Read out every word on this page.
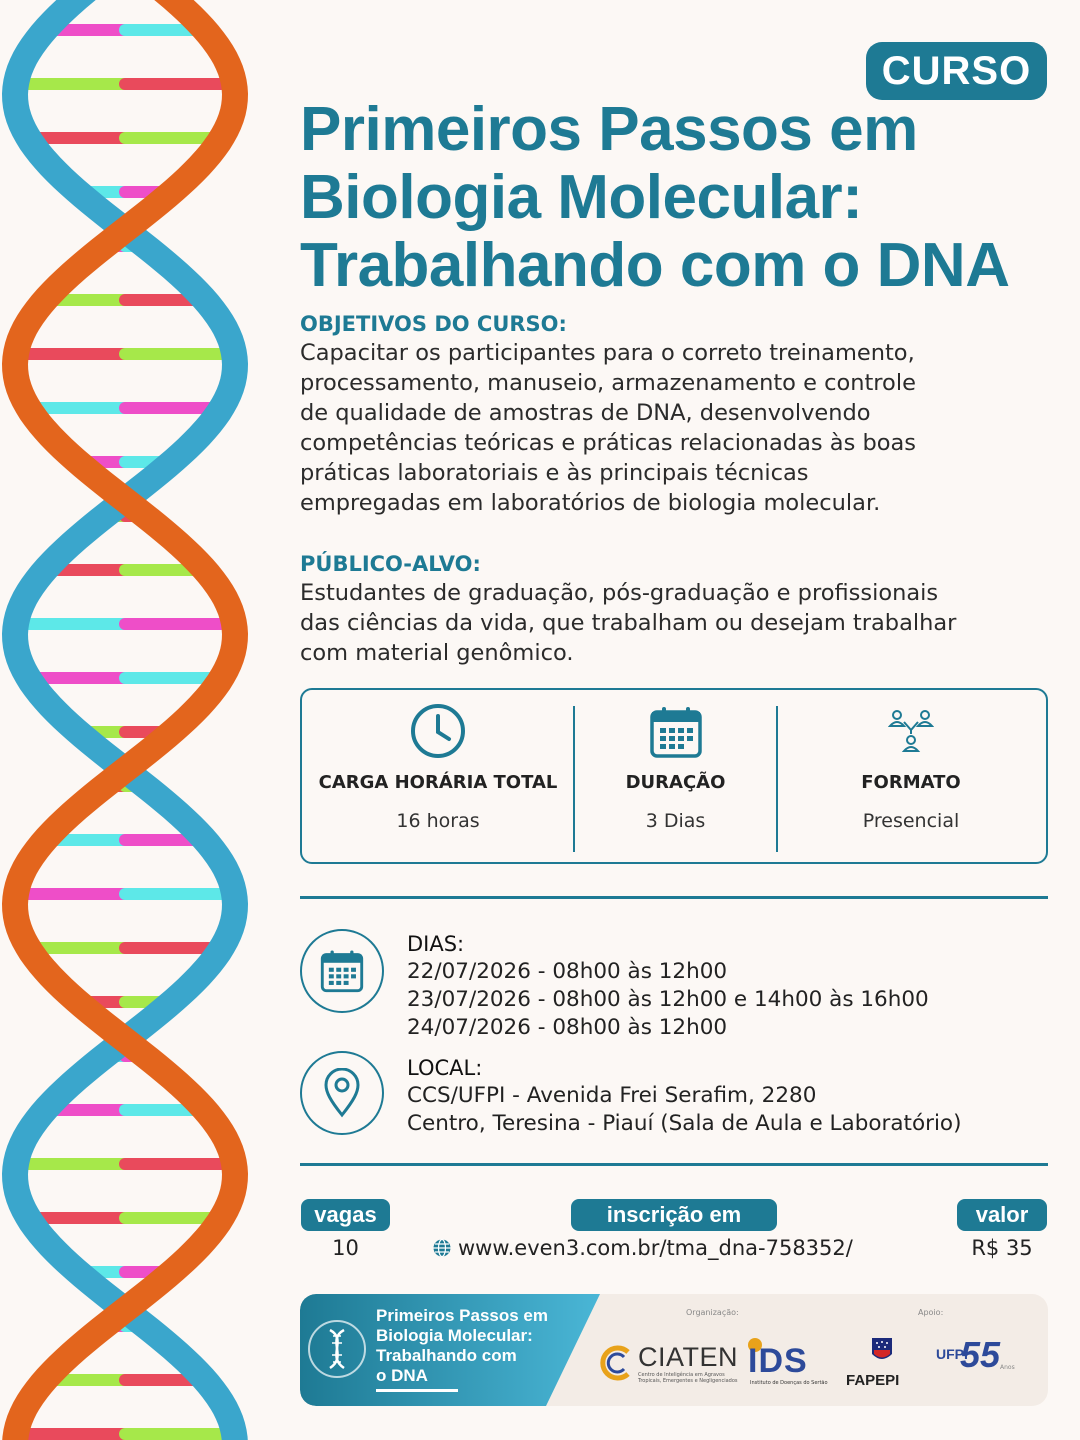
CURSO
Primeiros Passos em
Biologia Molecular:
Trabalhando com o DNA
OBJETIVOS DO CURSO:
Capacitar os participantes para o correto treinamento,
processamento, manuseio, armazenamento e controle
de qualidade de amostras de DNA, desenvolvendo
competências teóricas e práticas relacionadas às boas
práticas laboratoriais e às principais técnicas
empregadas em laboratórios de biologia molecular.
PÚBLICO-ALVO:
Estudantes de graduação, pós-graduação e profissionais
das ciências da vida, que trabalham ou desejam trabalhar
com material genômico.
CARGA HORÁRIA TOTAL
16 horas
DURAÇÃO
3 Dias
FORMATO
Presencial
DIAS:
22/07/2026 - 08h00 às 12h00
23/07/2026 - 08h00 às 12h00 e 14h00 às 16h00
24/07/2026 - 08h00 às 12h00
LOCAL:
CCS/UFPI - Avenida Frei Serafim, 2280
Centro, Teresina - Piauí (Sala de Aula e Laboratório)
vagas
10
inscrição em
www.even3.com.br/tma_dna-758352/
valor
R$ 35
Primeiros Passos em
Biologia Molecular:
Trabalhando com
o DNA
Organização:	Apoio:
CIATEN
Centro de Inteligência em Agravos
Tropicais, Emergentes e Negligenciados
IDS
Instituto de Doenças do Sertão FAPEPI
UFPI
55 Anos
